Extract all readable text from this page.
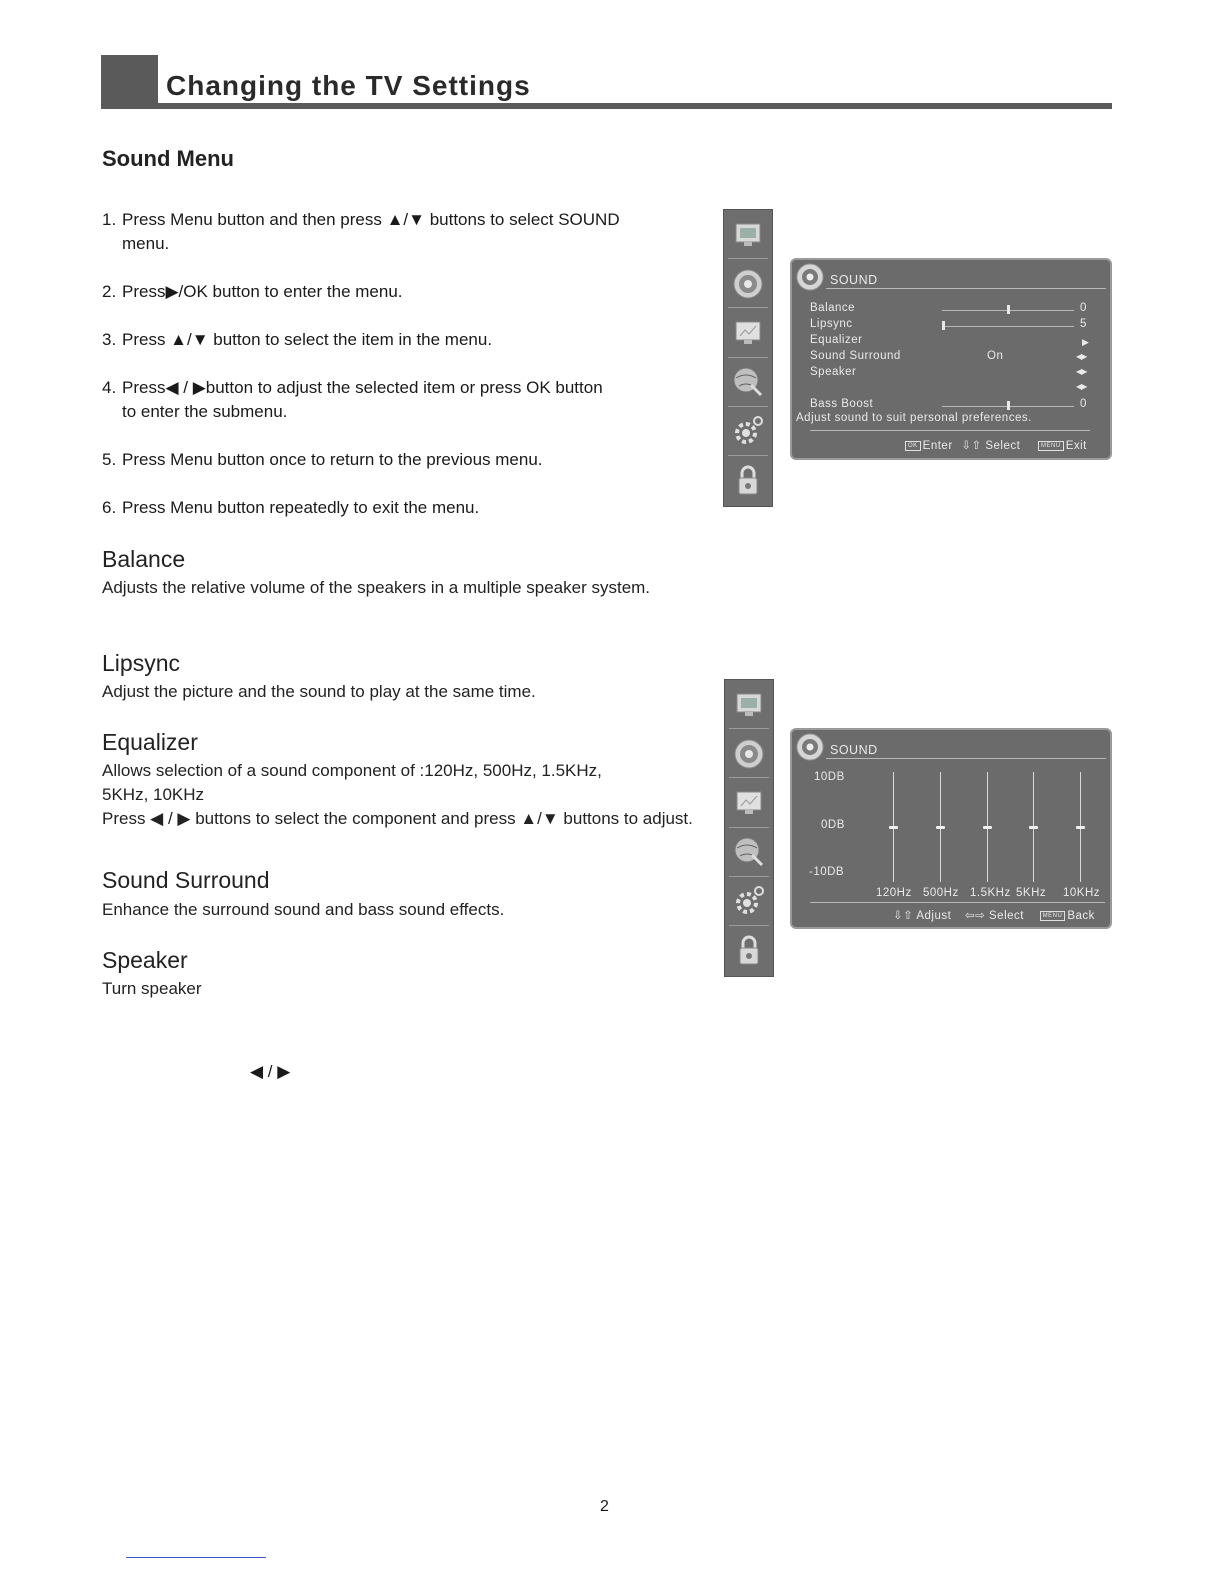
Changing the TV Settings
Sound Menu
1. Press Menu button and then press ▲/▼ buttons to select SOUND
menu.
2. Press▶/OK button to enter the menu.
3. Press ▲/▼ button to select the item in the menu.
4. Press◀ / ▶button to adjust the selected item or press OK button
to enter the submenu.
5. Press Menu button once to return to the previous menu.
6. Press Menu button repeatedly to exit the menu.
Balance

Adjusts the relative volume of the speakers in a multiple speaker system.

Lipsync

Adjust the picture and the sound to play at the same time.

Equalizer

Allows selection of a sound component of :120Hz, 500Hz, 1.5KHz,
5KHz, 10KHz
Press ◀ / ▶ buttons to select the component and press ▲/▼ buttons to adjust.

Sound Surround

Enhance the surround sound and bass sound effects.

Speaker

Turn speaker

◀ / ▶
SOUND
Balance	0
Lipsync	5
Equalizer	▶
Sound Surround	On	◀▶
Speaker	◀▶
◀▶
Bass Boost	0
Adjust sound to suit personal preferences.
OK Enter ⇩⇧ Select	MENU Exit
SOUND
10DB
0DB
-10DB
120Hz 500Hz 1.5KHz 5KHz 10KHz
⇩⇧ Adjust ⇦⇨ Select	MENU Back
2
